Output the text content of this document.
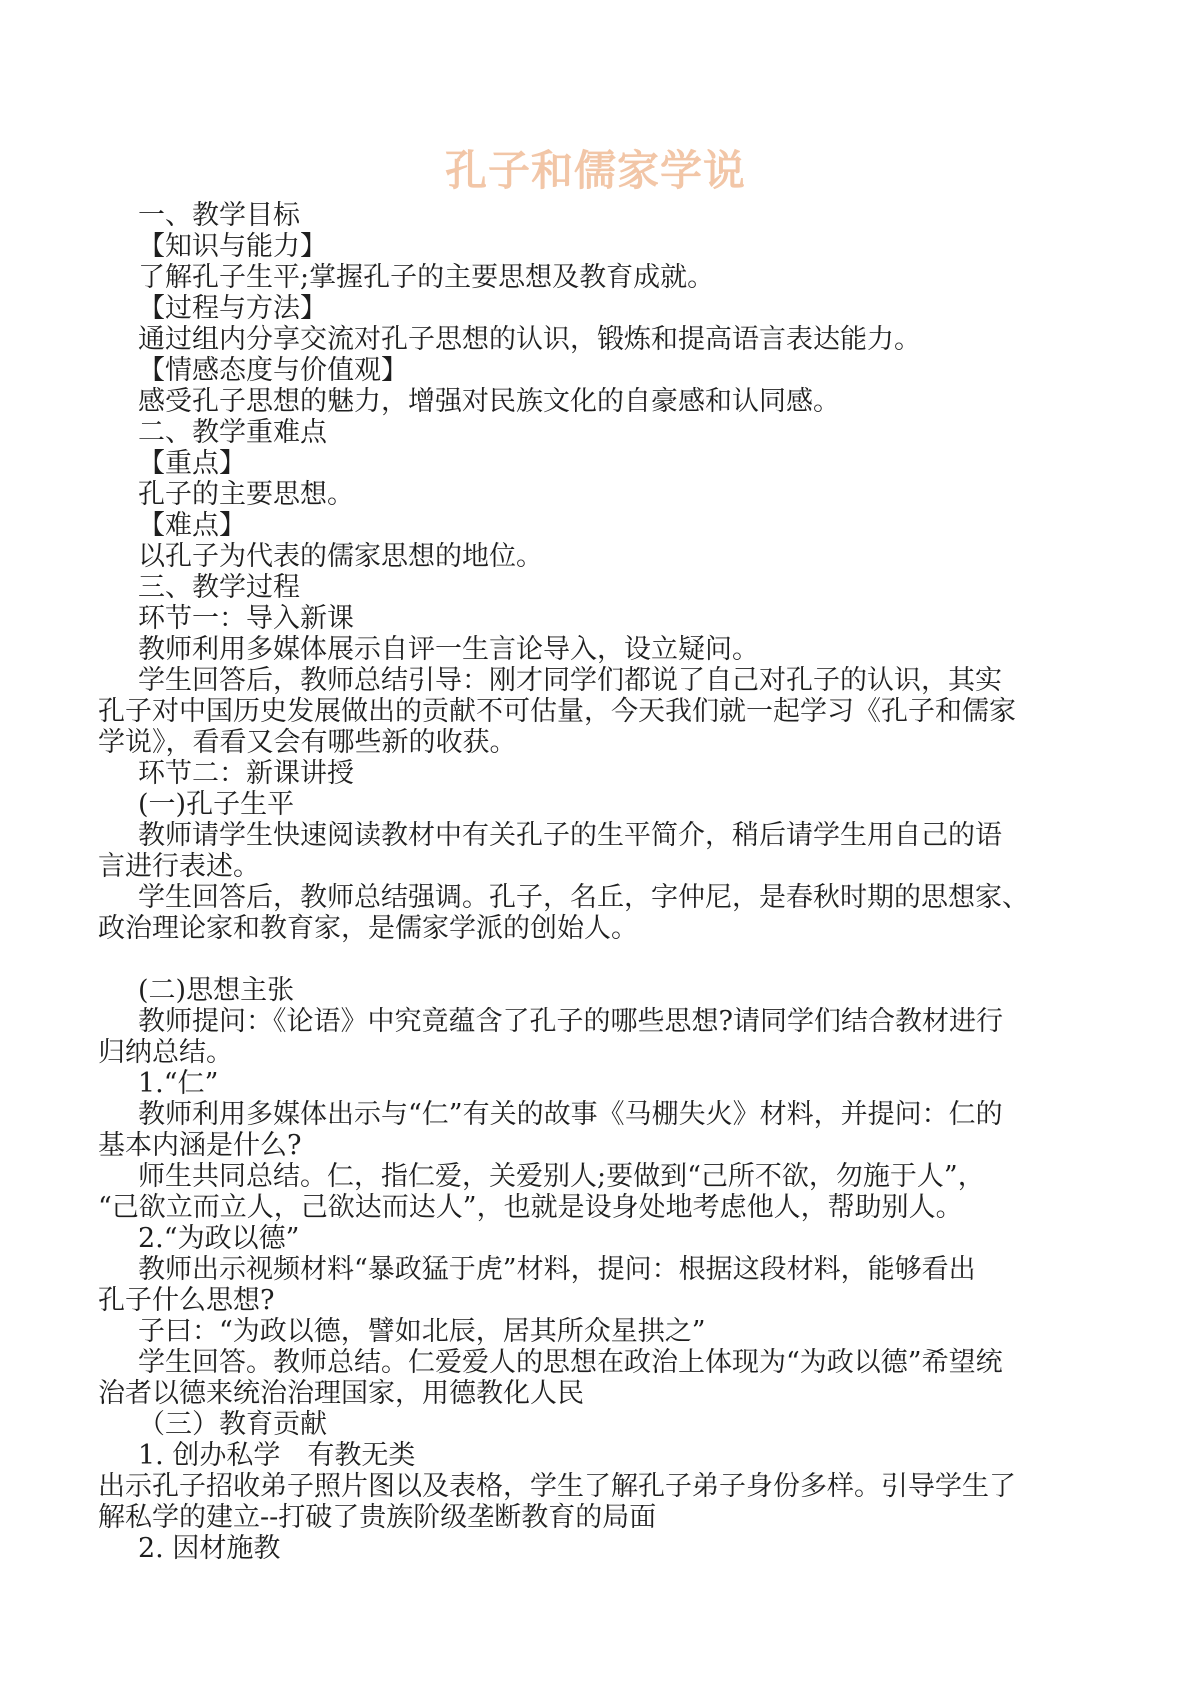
孔子和儒家学说

一、教学目标

【知识与能力】

了解孔子生平;掌握孔子的主要思想及教育成就。

【过程与方法】

通过组内分享交流对孔子思想的认识，锻炼和提高语言表达能力。

【情感态度与价值观】

感受孔子思想的魅力，增强对民族文化的自豪感和认同感。

二、教学重难点

【重点】

孔子的主要思想。

【难点】

以孔子为代表的儒家思想的地位。

三、教学过程

环节一：导入新课

教师利用多媒体展示自评一生言论导入，设立疑问。

学生回答后，教师总结引导：刚才同学们都说了自己对孔子的认识，其实

孔子对中国历史发展做出的贡献不可估量，今天我们就一起学习《孔子和儒家

学说》，看看又会有哪些新的收获。

环节二：新课讲授

(一)孔子生平

教师请学生快速阅读教材中有关孔子的生平简介，稍后请学生用自己的语

言进行表述。

学生回答后，教师总结强调。孔子，名丘，字仲尼，是春秋时期的思想家、

政治理论家和教育家，是儒家学派的创始人。

(二)思想主张

教师提问：《论语》中究竟蕴含了孔子的哪些思想?请同学们结合教材进行

归纳总结。

1.“仁”

教师利用多媒体出示与“仁”有关的故事《马棚失火》材料，并提问：仁的

基本内涵是什么?

师生共同总结。仁，指仁爱，关爱别人;要做到“己所不欲，勿施于人”，

“己欲立而立人，己欲达而达人”，也就是设身处地考虑他人，帮助别人。

2.“为政以德”

教师出示视频材料“暴政猛于虎”材料，提问：根据这段材料，能够看出

孔子什么思想?

子曰：“为政以德，譬如北辰，居其所众星拱之”

学生回答。教师总结。仁爱爱人的思想在政治上体现为“为政以德”希望统

治者以德来统治治理国家，用德教化人民

（三）教育贡献

1. 创办私学　有教无类

出示孔子招收弟子照片图以及表格，学生了解孔子弟子身份多样。引导学生了

解私学的建立--打破了贵族阶级垄断教育的局面

2. 因材施教
